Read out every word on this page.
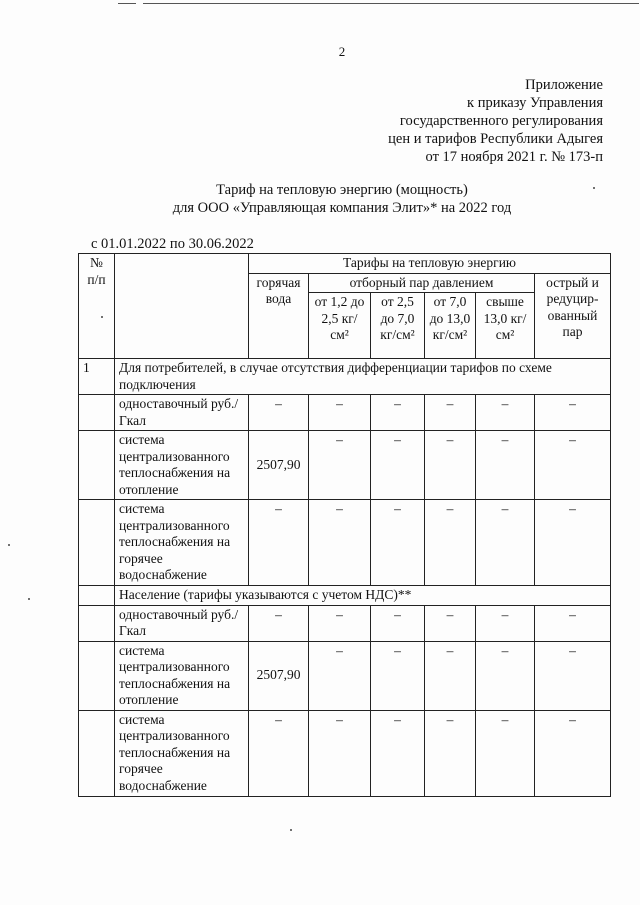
2
Приложение
к приказу Управления
государственного регулирования
цен и тарифов Республики Адыгея
от 17 ноября 2021 г. № 173-п
Тариф на тепловую энергию (мощность)
для ООО «Управляющая компания Элит»* на 2022 год
с 01.01.2022 по 30.06.2022
№ п/п		Тарифы на тепловую энергию					
		горячая вода	отборный пар давлением				острый и редуцир-ованный пар
			от 1,2 до 2,5 кг/см²	от 2,5 до 7,0 кг/см²	от 7,0 до 13,0 кг/см²	свыше 13,0 кг/см²	
1	Для потребителей, в случае отсутствия дифференциации тарифов по схеме подключения						
	одноставочный руб./Гкал	–	–	–	–	–	–
	система централизованного теплоснабжения на отопление	2507,90	–	–	–	–	–
	система централизованного теплоснабжения на горячее водоснабжение	–	–	–	–	–	–
	Население (тарифы указываются с учетом НДС)**						
	одноставочный руб./Гкал	–	–	–	–	–	–
	система централизованного теплоснабжения на отопление	2507,90	–	–	–	–	–
	система централизованного теплоснабжения на горячее водоснабжение	–	–	–	–	–	–
